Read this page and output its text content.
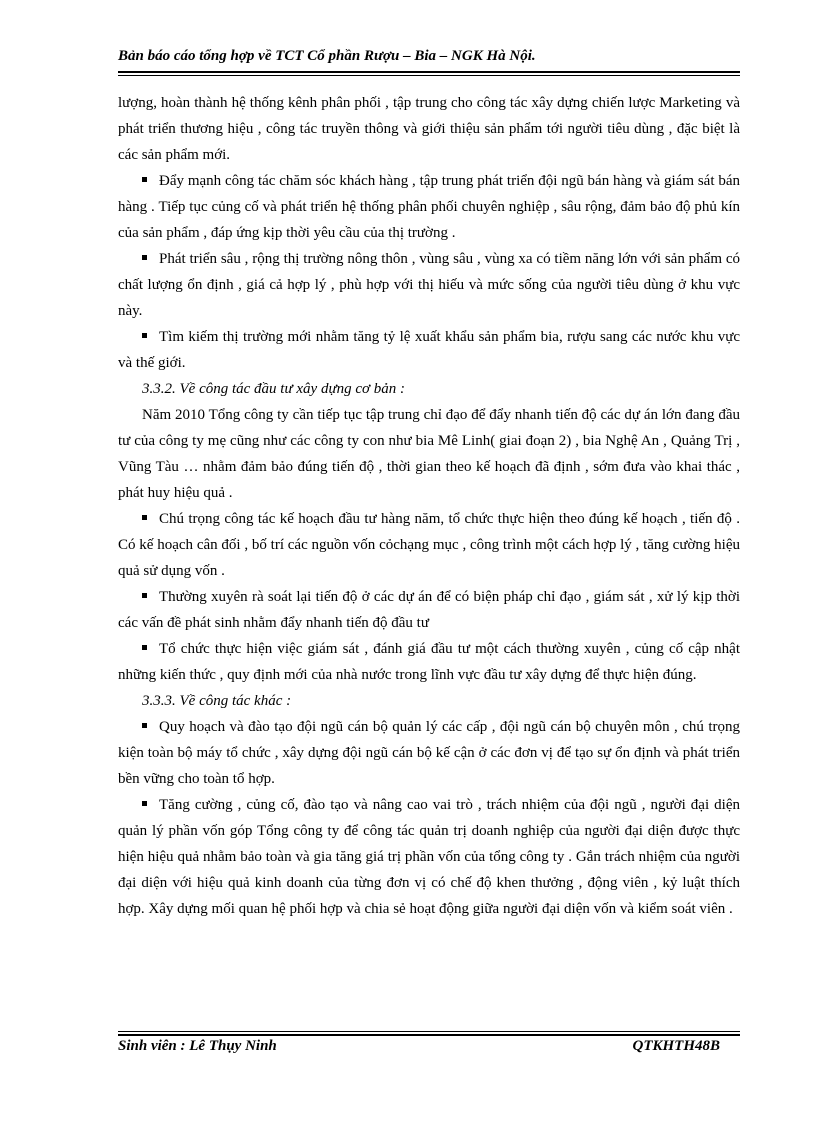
Bản báo cáo tổng hợp về TCT Cổ phần Rượu – Bia – NGK Hà Nội.

lượng, hoàn thành hệ thống kênh phân phối , tập trung cho công tác xây dựng chiến lược Marketing và phát triển thương hiệu , công tác truyền thông và giới thiệu sản phẩm tới người tiêu dùng , đặc biệt là các sản phẩm mới.

Đẩy mạnh công tác chăm sóc khách hàng , tập trung phát triển đội ngũ bán hàng và giám sát bán hàng . Tiếp tục củng cố và phát triển hệ thống phân phối chuyên nghiệp , sâu rộng, đảm bảo độ phủ kín của sản phẩm , đáp ứng kịp thời yêu cầu của thị trường .

Phát triển sâu , rộng thị trường nông thôn , vùng sâu , vùng xa có tiềm năng lớn với sản phẩm có chất lượng ổn định , giá cả hợp lý , phù hợp với thị hiếu và mức sống của người tiêu dùng ở khu vực này.

Tìm kiếm thị trường mới nhằm tăng tỷ lệ xuất khẩu sản phẩm bia, rượu sang các nước khu vực và thế giới.

3.3.2. Về công tác đầu tư xây dựng cơ bản :

Năm 2010 Tổng công ty cần tiếp tục tập trung chỉ đạo để đẩy nhanh tiến độ các dự án lớn đang đầu tư của công ty mẹ cũng như các công ty con như bia Mê Linh( giai đoạn 2) , bia Nghệ An , Quảng Trị , Vũng Tàu … nhằm đảm bảo đúng tiến độ , thời gian theo kế hoạch đã định , sớm đưa vào khai thác , phát huy hiệu quả .

Chú trọng công tác kế hoạch đầu tư hàng năm, tổ chức thực hiện theo đúng kế hoạch , tiến độ . Có kế hoạch cân đối , bố trí các nguồn vốn cỏchạng mục , công trình một cách hợp lý , tăng cường hiệu quả sử dụng vốn .

Thường xuyên rà soát lại tiến độ ở các dự án để có biện pháp chỉ đạo , giám sát , xử lý kịp thời các vấn đề phát sinh nhằm đẩy nhanh tiến độ đầu tư

Tổ chức thực hiện việc giám sát , đánh giá đầu tư một cách thường xuyên , củng cố cập nhật những kiến thức , quy định mới của nhà nước trong lĩnh vực đầu tư xây dựng để thực hiện đúng.

3.3.3. Về công tác khác :

Quy hoạch và đào tạo đội ngũ cán bộ quản lý các cấp , đội ngũ cán bộ chuyên môn , chú trọng kiện toàn bộ máy tổ chức , xây dựng đội ngũ cán bộ kế cận ở các đơn vị để tạo sự ổn định và phát triển bền vững cho toàn tổ hợp.

Tăng cường , củng cố, đào tạo và nâng cao vai trò , trách nhiệm của đội ngũ , người đại diện quản lý phần vốn góp Tổng công ty để công tác quản trị doanh nghiệp của người đại diện được thực hiện hiệu quả nhằm bảo toàn và gia tăng giá trị phần vốn của tổng công ty . Gắn trách nhiệm của người đại diện với hiệu quả kinh doanh của từng đơn vị có chế độ khen thưởng , động viên , kỷ luật thích hợp. Xây dựng mối quan hệ phối hợp và chia sẻ hoạt động giữa người đại diện vốn và kiểm soát viên .

Sinh viên : Lê Thụy Ninh	QTKHTH48B
